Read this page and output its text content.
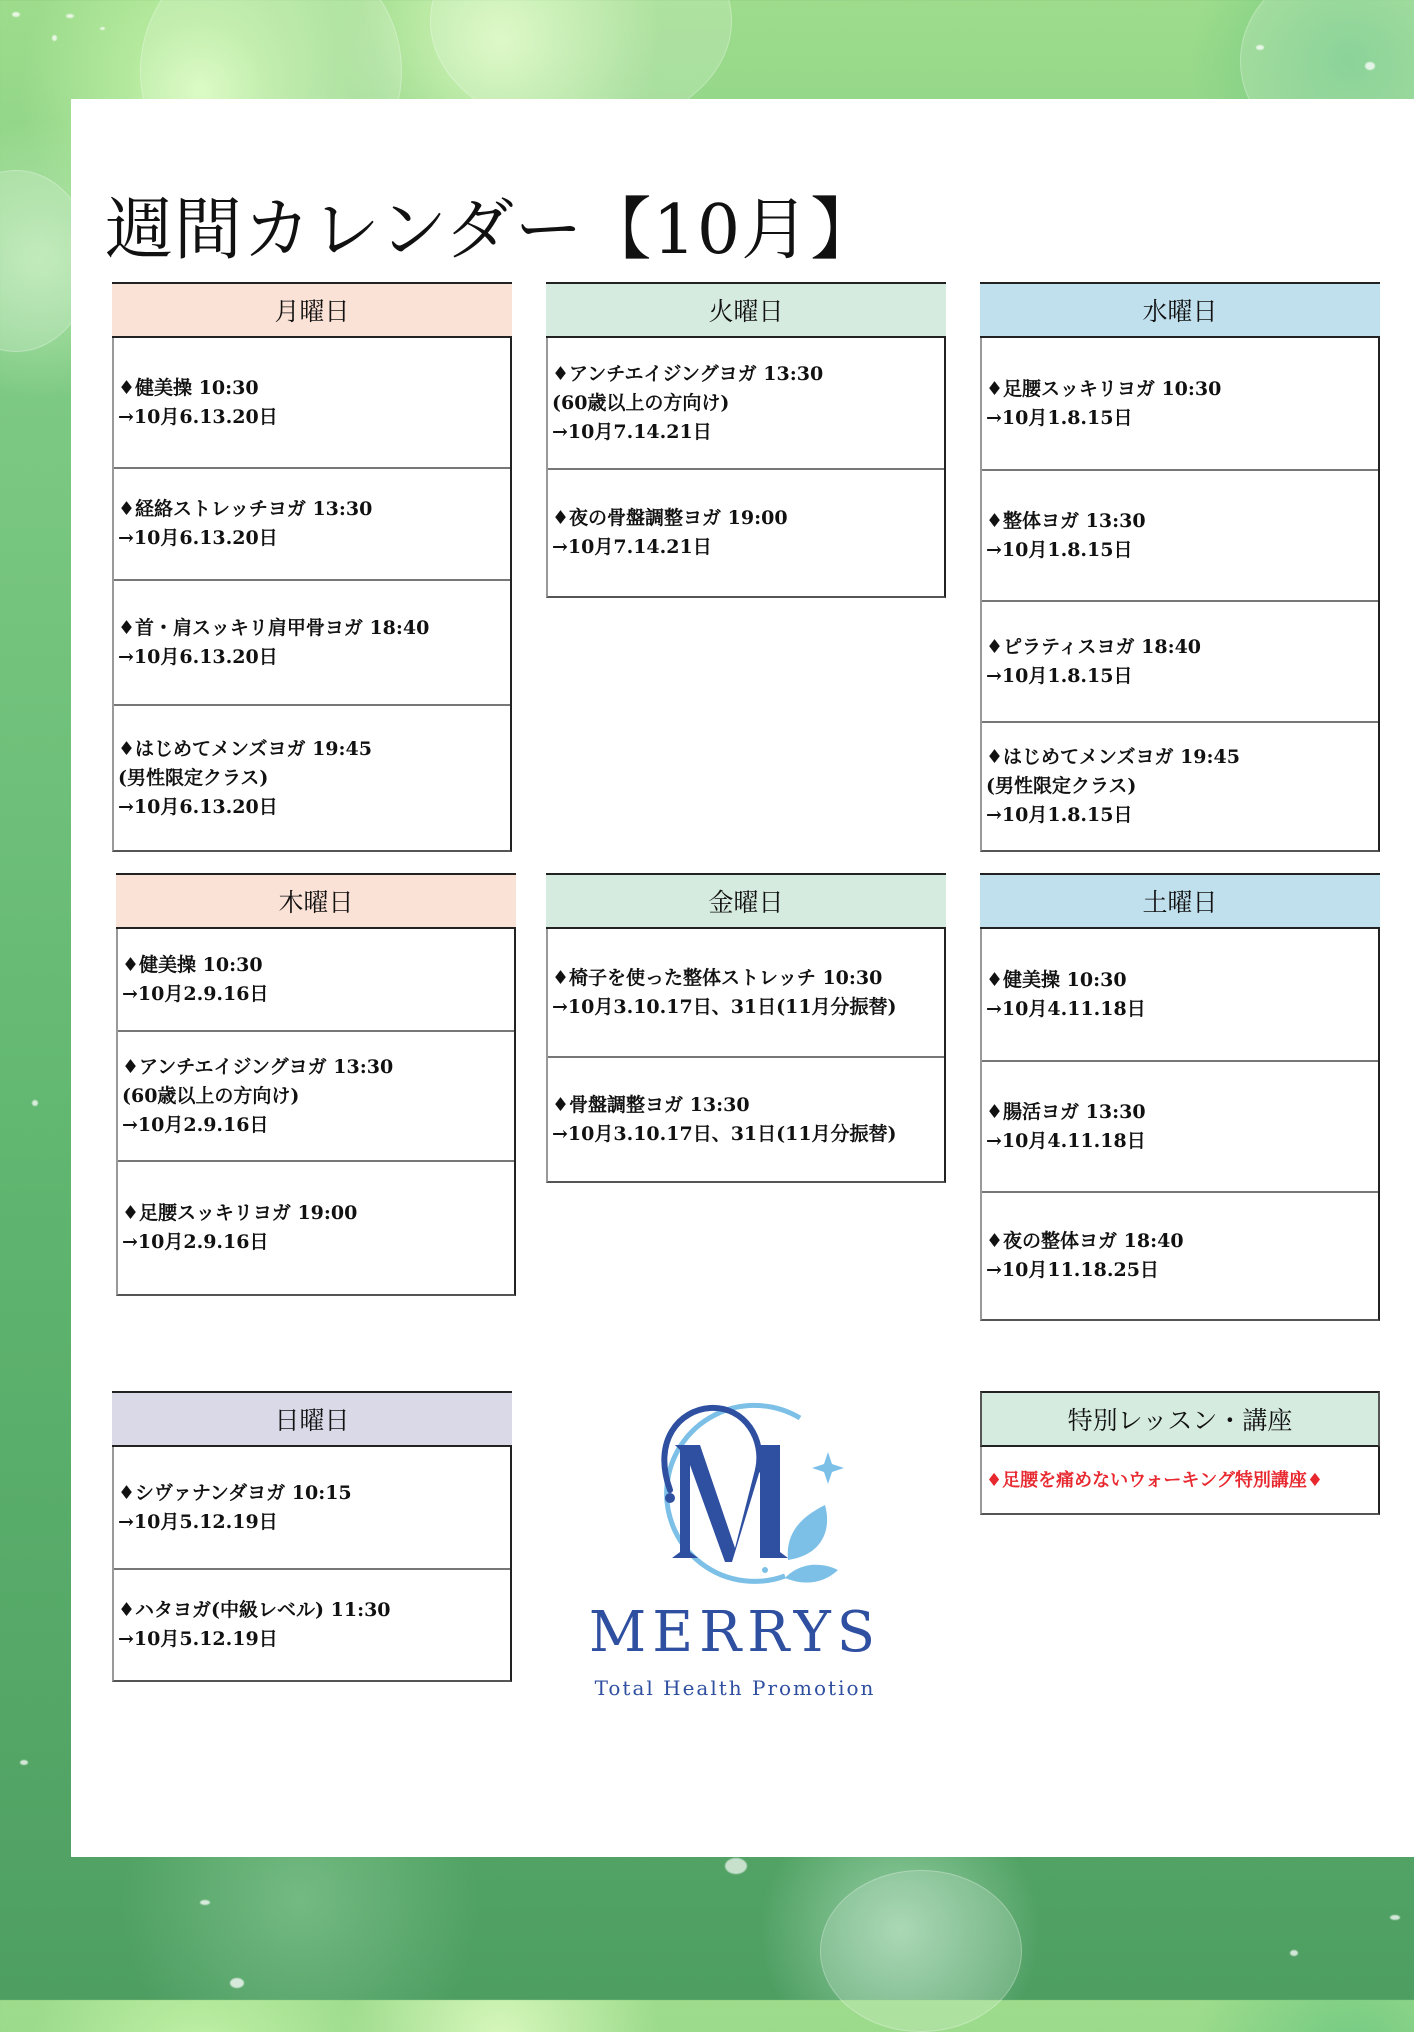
週間カレンダー【10月】
月曜日
♦健美操 10:30
→10月6.13.20日
♦経絡ストレッチヨガ 13:30
→10月6.13.20日
♦首・肩スッキリ肩甲骨ヨガ 18:40
→10月6.13.20日
♦はじめてメンズヨガ 19:45
(男性限定クラス)
→10月6.13.20日
火曜日
♦アンチエイジングヨガ 13:30
(60歳以上の方向け)
→10月7.14.21日
♦夜の骨盤調整ヨガ 19:00
→10月7.14.21日
水曜日
♦足腰スッキリヨガ 10:30
→10月1.8.15日
♦整体ヨガ 13:30
→10月1.8.15日
♦ピラティスヨガ 18:40
→10月1.8.15日
♦はじめてメンズヨガ 19:45
(男性限定クラス)
→10月1.8.15日
木曜日
♦健美操 10:30
→10月2.9.16日
♦アンチエイジングヨガ 13:30
(60歳以上の方向け)
→10月2.9.16日
♦足腰スッキリヨガ 19:00
→10月2.9.16日
金曜日
♦椅子を使った整体ストレッチ 10:30
→10月3.10.17日、31日(11月分振替)
♦骨盤調整ヨガ 13:30
→10月3.10.17日、31日(11月分振替)
土曜日
♦健美操 10:30
→10月4.11.18日
♦腸活ヨガ 13:30
→10月4.11.18日
♦夜の整体ヨガ 18:40
→10月11.18.25日
日曜日
♦シヴァナンダヨガ 10:15
→10月5.12.19日
♦ハタヨガ(中級レベル) 11:30
→10月5.12.19日
特別レッスン・講座
♦足腰を痛めないウォーキング特別講座♦
MERRYS
Total Health Promotion
